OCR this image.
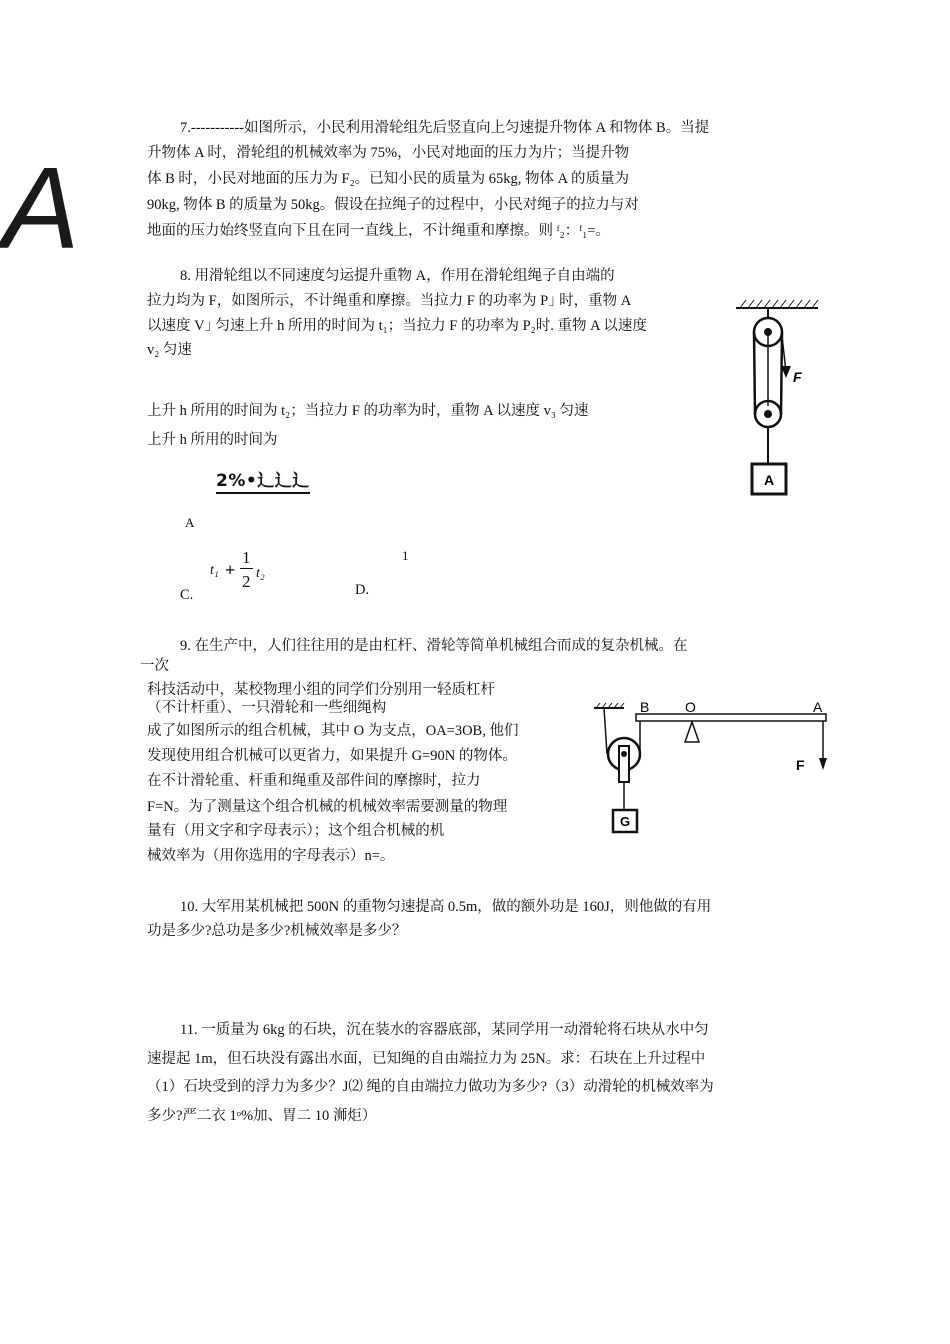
A
7.-----------如图所示，小民利用滑轮组先后竖直向上匀速提升物体 A 和物体 B。当提
升物体 A 时，滑轮组的机械效率为 75%，小民对地面的压力为片；当提升物
体 B 时，小民对地面的压力为 F₂。已知小民的质量为 65kg, 物体 A 的质量为
90kg, 物体 B 的质量为 50kg。假设在拉绳子的过程中，小民对绳子的拉力与对
地面的压力始终竖直向下且在同一直线上，不计绳重和摩擦。则 ᶠ₂：ᶠ₁=。
8. 用滑轮组以不同速度匀运提升重物 A，作用在滑轮组绳子自由端的
拉力均为 F，如图所示，不计绳重和摩擦。当拉力 F 的功率为 P｣ 时，重物 A
以速度 V｣ 匀速上升 h 所用的时间为 t₁；当拉力 F 的功率为 P₂时. 重物 A 以速度
v₂ 匀速
上升 h 所用的时间为 t₂；当拉力 F 的功率为时，重物 A 以速度 v₃ 匀速
上升 h 所用的时间为
2%•辶辶辶
A
1
C.
t₁ +
1
2 t₂
D.
F
A
9. 在生产中，人们往往用的是由杠杆、滑轮等简单机械组合而成的复杂机械。在
一次
科技活动中，某校物理小组的同学们分别用一轻质杠杆
（不计杆重）、一只滑轮和一些细绳构
成了如图所示的组合机械，其中 O 为支点，OA=3OB, 他们
发现使用组合机械可以更省力，如果提升 G=90N 的物体。
在不计滑轮重、杆重和绳重及部件间的摩擦时，拉力
F=N。为了测量这个组合机械的机械效率需要测量的物理
量有（用文字和字母表示）；这个组合机械的机
械效率为（用你选用的字母表示）n=。
B	O	A
G
F
10. 大军用某机械把 500N 的重物匀速提高 0.5m，做的额外功是 160J，则他做的有用
功是多少?总功是多少?机械效率是多少？
11. 一质量为 6kg 的石块，沉在装水的容器底部，某同学用一动滑轮将石块从水中匀
速提起 1m，但石块没有露出水面，已知绳的自由端拉力为 25N。求：石块在上升过程中
（1）石块受到的浮力为多少？J⑵ 绳的自由端拉力做功为多少?（3）动滑轮的机械效率为
多少?严二衣 1ᵒ%加、胃二 10 浉炬）
